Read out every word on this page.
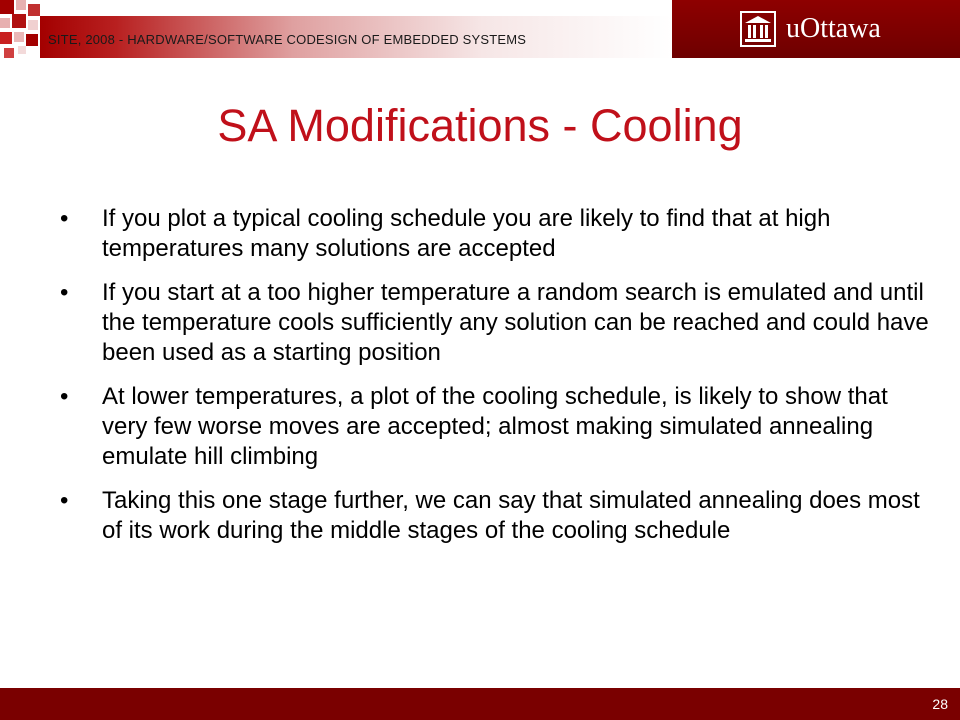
SITE, 2008 - HARDWARE/SOFTWARE CODESIGN OF EMBEDDED SYSTEMS	uOttawa
SA Modifications - Cooling
•	If you plot a typical cooling schedule you are likely to find that at high temperatures many solutions are accepted
•	If you start at a too higher temperature a random search is emulated and until the temperature cools sufficiently any solution can be reached and could have been used as a starting position
•	At lower temperatures, a plot of the cooling schedule, is likely to show that very few worse moves are accepted; almost making simulated annealing emulate hill climbing
•	Taking this one stage further, we can say that simulated annealing does most of its work during the middle stages of the cooling schedule
28
